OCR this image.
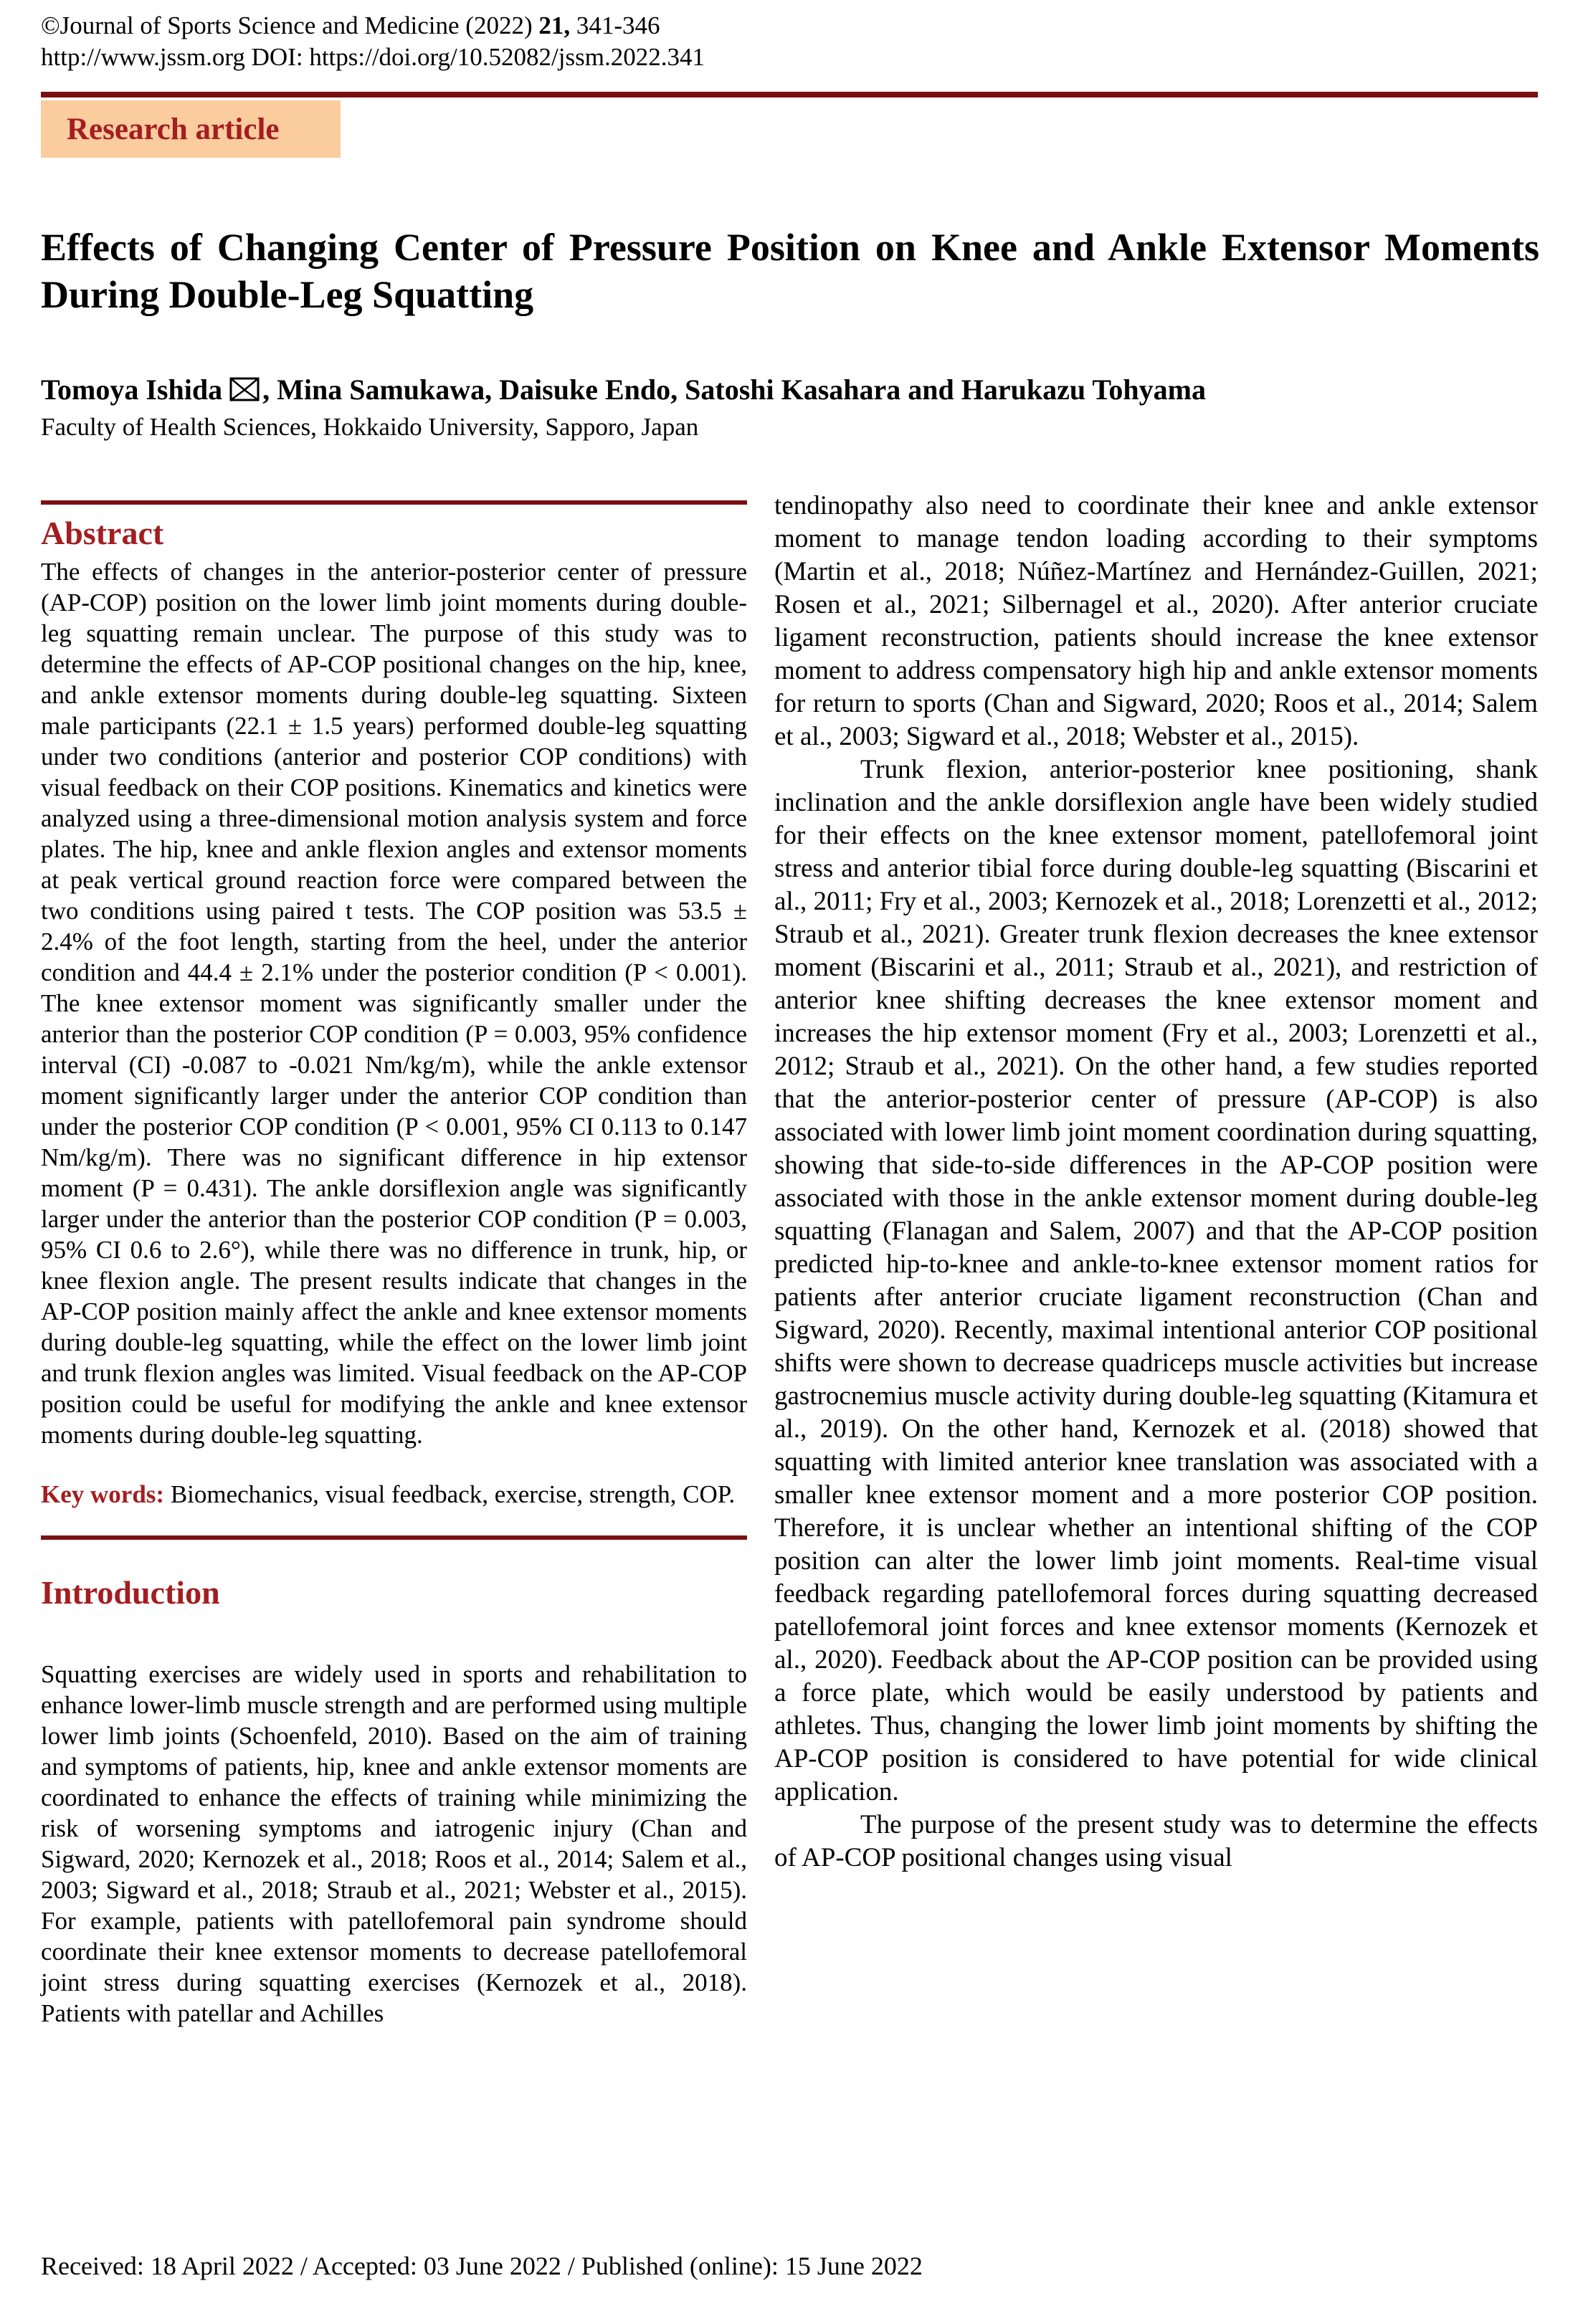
©Journal of Sports Science and Medicine (2022) 21, 341-346
http://www.jssm.org DOI: https://doi.org/10.52082/jssm.2022.341
Research article
Effects of Changing Center of Pressure Position on Knee and Ankle Extensor Moments During Double-Leg Squatting
Tomoya Ishida , Mina Samukawa, Daisuke Endo, Satoshi Kasahara and Harukazu Tohyama
Faculty of Health Sciences, Hokkaido University, Sapporo, Japan
Abstract

The effects of changes in the anterior-posterior center of pressure (AP-COP) position on the lower limb joint moments during double-leg squatting remain unclear. The purpose of this study was to determine the effects of AP-COP positional changes on the hip, knee, and ankle extensor moments during double-leg squatting. Sixteen male participants (22.1 ± 1.5 years) performed double-leg squatting under two conditions (anterior and posterior COP conditions) with visual feedback on their COP positions. Kinematics and kinetics were analyzed using a three-dimensional motion analysis system and force plates. The hip, knee and ankle flexion angles and extensor moments at peak vertical ground reaction force were compared between the two conditions using paired t tests. The COP position was 53.5 ± 2.4% of the foot length, starting from the heel, under the anterior condition and 44.4 ± 2.1% under the posterior condition (P < 0.001). The knee extensor moment was significantly smaller under the anterior than the posterior COP condition (P = 0.003, 95% confidence interval (CI) -0.087 to -0.021 Nm/kg/m), while the ankle extensor moment significantly larger under the anterior COP condition than under the posterior COP condition (P < 0.001, 95% CI 0.113 to 0.147 Nm/kg/m). There was no significant difference in hip extensor moment (P = 0.431). The ankle dorsiflexion angle was significantly larger under the anterior than the posterior COP condition (P = 0.003, 95% CI 0.6 to 2.6°), while there was no difference in trunk, hip, or knee flexion angle. The present results indicate that changes in the AP-COP position mainly affect the ankle and knee extensor moments during double-leg squatting, while the effect on the lower limb joint and trunk flexion angles was limited. Visual feedback on the AP-COP position could be useful for modifying the ankle and knee extensor moments during double-leg squatting.

Key words: Biomechanics, visual feedback, exercise, strength, COP.

Introduction

Squatting exercises are widely used in sports and rehabilitation to enhance lower-limb muscle strength and are performed using multiple lower limb joints (Schoenfeld, 2010). Based on the aim of training and symptoms of patients, hip, knee and ankle extensor moments are coordinated to enhance the effects of training while minimizing the risk of worsening symptoms and iatrogenic injury (Chan and Sigward, 2020; Kernozek et al., 2018; Roos et al., 2014; Salem et al., 2003; Sigward et al., 2018; Straub et al., 2021; Webster et al., 2015). For example, patients with patellofemoral pain syndrome should coordinate their knee extensor moments to decrease patellofemoral joint stress during squatting exercises (Kernozek et al., 2018). Patients with patellar and Achilles

tendinopathy also need to coordinate their knee and ankle extensor moment to manage tendon loading according to their symptoms (Martin et al., 2018; Núñez-Martínez and Hernández-Guillen, 2021; Rosen et al., 2021; Silbernagel et al., 2020). After anterior cruciate ligament reconstruction, patients should increase the knee extensor moment to address compensatory high hip and ankle extensor moments for return to sports (Chan and Sigward, 2020; Roos et al., 2014; Salem et al., 2003; Sigward et al., 2018; Webster et al., 2015).

Trunk flexion, anterior-posterior knee positioning, shank inclination and the ankle dorsiflexion angle have been widely studied for their effects on the knee extensor moment, patellofemoral joint stress and anterior tibial force during double-leg squatting (Biscarini et al., 2011; Fry et al., 2003; Kernozek et al., 2018; Lorenzetti et al., 2012; Straub et al., 2021). Greater trunk flexion decreases the knee extensor moment (Biscarini et al., 2011; Straub et al., 2021), and restriction of anterior knee shifting decreases the knee extensor moment and increases the hip extensor moment (Fry et al., 2003; Lorenzetti et al., 2012; Straub et al., 2021). On the other hand, a few studies reported that the anterior-posterior center of pressure (AP-COP) is also associated with lower limb joint moment coordination during squatting, showing that side-to-side differences in the AP-COP position were associated with those in the ankle extensor moment during double-leg squatting (Flanagan and Salem, 2007) and that the AP-COP position predicted hip-to-knee and ankle-to-knee extensor moment ratios for patients after anterior cruciate ligament reconstruction (Chan and Sigward, 2020). Recently, maximal intentional anterior COP positional shifts were shown to decrease quadriceps muscle activities but increase gastrocnemius muscle activity during double-leg squatting (Kitamura et al., 2019). On the other hand, Kernozek et al. (2018) showed that squatting with limited anterior knee translation was associated with a smaller knee extensor moment and a more posterior COP position. Therefore, it is unclear whether an intentional shifting of the COP position can alter the lower limb joint moments. Real-time visual feedback regarding patellofemoral forces during squatting decreased patellofemoral joint forces and knee extensor moments (Kernozek et al., 2020). Feedback about the AP-COP position can be provided using a force plate, which would be easily understood by patients and athletes. Thus, changing the lower limb joint moments by shifting the AP-COP position is considered to have potential for wide clinical application.

The purpose of the present study was to determine the effects of AP-COP positional changes using visual

Received: 18 April 2022 / Accepted: 03 June 2022 / Published (online): 15 June 2022
